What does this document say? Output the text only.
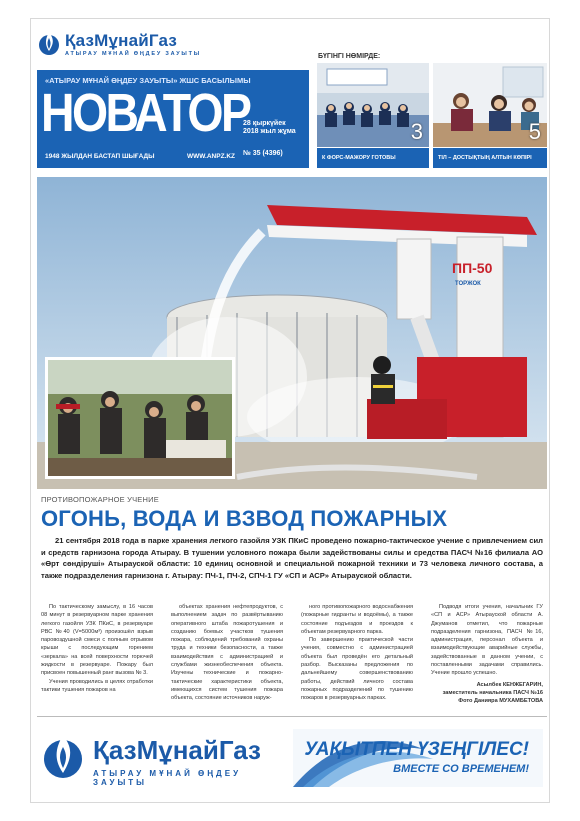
ҚазМұнайГаз
АТЫРАУ МҰНАЙ ӨҢДЕУ ЗАУЫТЫ
«АТЫРАУ МҰНАЙ ӨҢДЕУ ЗАУЫТЫ» ЖШС БАСЫЛЫМЫ
НОВАТОР
28 қыркүйек 2018 жыл жұма
№ 35 (4396)
1948 ЖЫЛДАН БАСТАП ШЫҒАДЫ	WWW.ANPZ.KZ
БҮГІНГІ НӨМІРДЕ:
3
К ФОРС-МАЖОРУ ГОТОВЫ
5
ТІЛ – ДОСТЫҚТЫҢ АЛТЫН КӨПІРІ
ПП-50
ТОРЖОК
ПРОТИВОПОЖАРНОЕ УЧЕНИЕ
ОГОНЬ, ВОДА И ВЗВОД ПОЖАРНЫХ
21 сентября 2018 года в парке хранения легкого газойля УЗК ПКиС проведено пожарно-тактическое учение с привлечением сил и средств гарнизона города Атырау. В тушении условного пожара были задействованы силы и средства ПАСЧ №16 филиала АО «Өрт сөндіруші» Атырауской области: 10 единиц основной и специальной пожарной техники и 73 человека личного состава, а также подразделения гарнизона г. Атырау: ПЧ-1, ПЧ-2, СПЧ-1 ГУ «СП и АСР» Атырауской области.

По тактическому замыслу, в 16 часов 08 минут в резервуарном парке хранения легкого газойля УЗК ПКиС, в резервуаре РВС №40 (V=5000м³) произошёл взрыв паровоздушной смеси с полным отрывом крыши с последующим горением «зеркала» на всей поверхности горючей жидкости в резервуаре. Пожару был присвоен повышенный ранг вызова № 3.

Учения проводились в целях отработки тактики тушения пожаров на

объектах хранения нефтепродуктов, с выполнением задач по развёртыванию оперативного штаба пожаротушения и созданию боевых участков тушения пожара, соблюдений требований охраны труда и техники безопасности, а также взаимодействия с администрацией и службами жизнеобеспечения объекта. Изучены технические и пожарно-тактические характеристики объекта, имеющихся систем тушения пожара объекта, состояние источников наруж-

ного противопожарного водоснабжения (пожарные гидранты и водоёмы), а также состояние подъездов и проездов к объектам резервуарного парка.

По завершению практической части учения, совместно с администрацией объекта был проведён его детальный разбор. Высказаны предложения по дальнейшему совершенствованию работы, действий личного состава пожарных подразделений по тушению пожаров в резервуарных парках.

Подводя итоги учения, начальник ГУ «СП и АСР» Атырауской области А. Джуманов отметил, что пожарные подразделения гарнизона, ПАСЧ №16, администрация, персонал объекта и взаимодействующие аварийные службы, задействованные в данном учении, с поставленными задачами справились. Учение прошло успешно.

Асылбек КЕНЖЕГАРИН,
заместитель начальника ПАСЧ №16
Фото Данияра МУХАМБЕТОВА
ҚазМұнайГаз
АТЫРАУ МҰНАЙ ӨҢДЕУ ЗАУЫТЫ
УАҚЫТПЕН ҮЗЕҢГІЛЕС!
ВМЕСТЕ СО ВРЕМЕНЕМ!
